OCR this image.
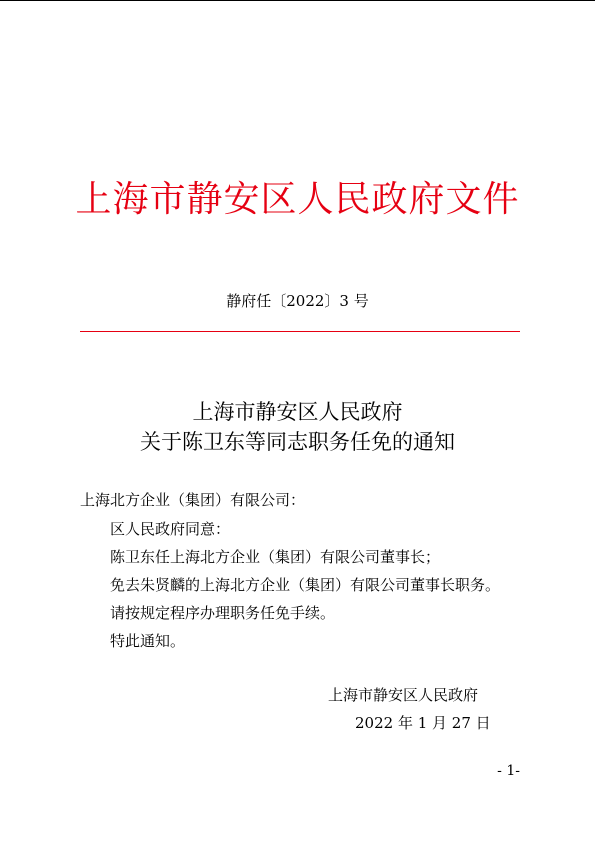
上海市静安区人民政府文件
静府任〔2022〕3 号
上海市静安区人民政府
关于陈卫东等同志职务任免的通知
上海北方企业（集团）有限公司：
区人民政府同意：
陈卫东任上海北方企业（集团）有限公司董事长；
免去朱贤麟的上海北方企业（集团）有限公司董事长职务。
请按规定程序办理职务任免手续。
特此通知。
上海市静安区人民政府
2022 年 1 月 27 日
- 1-
